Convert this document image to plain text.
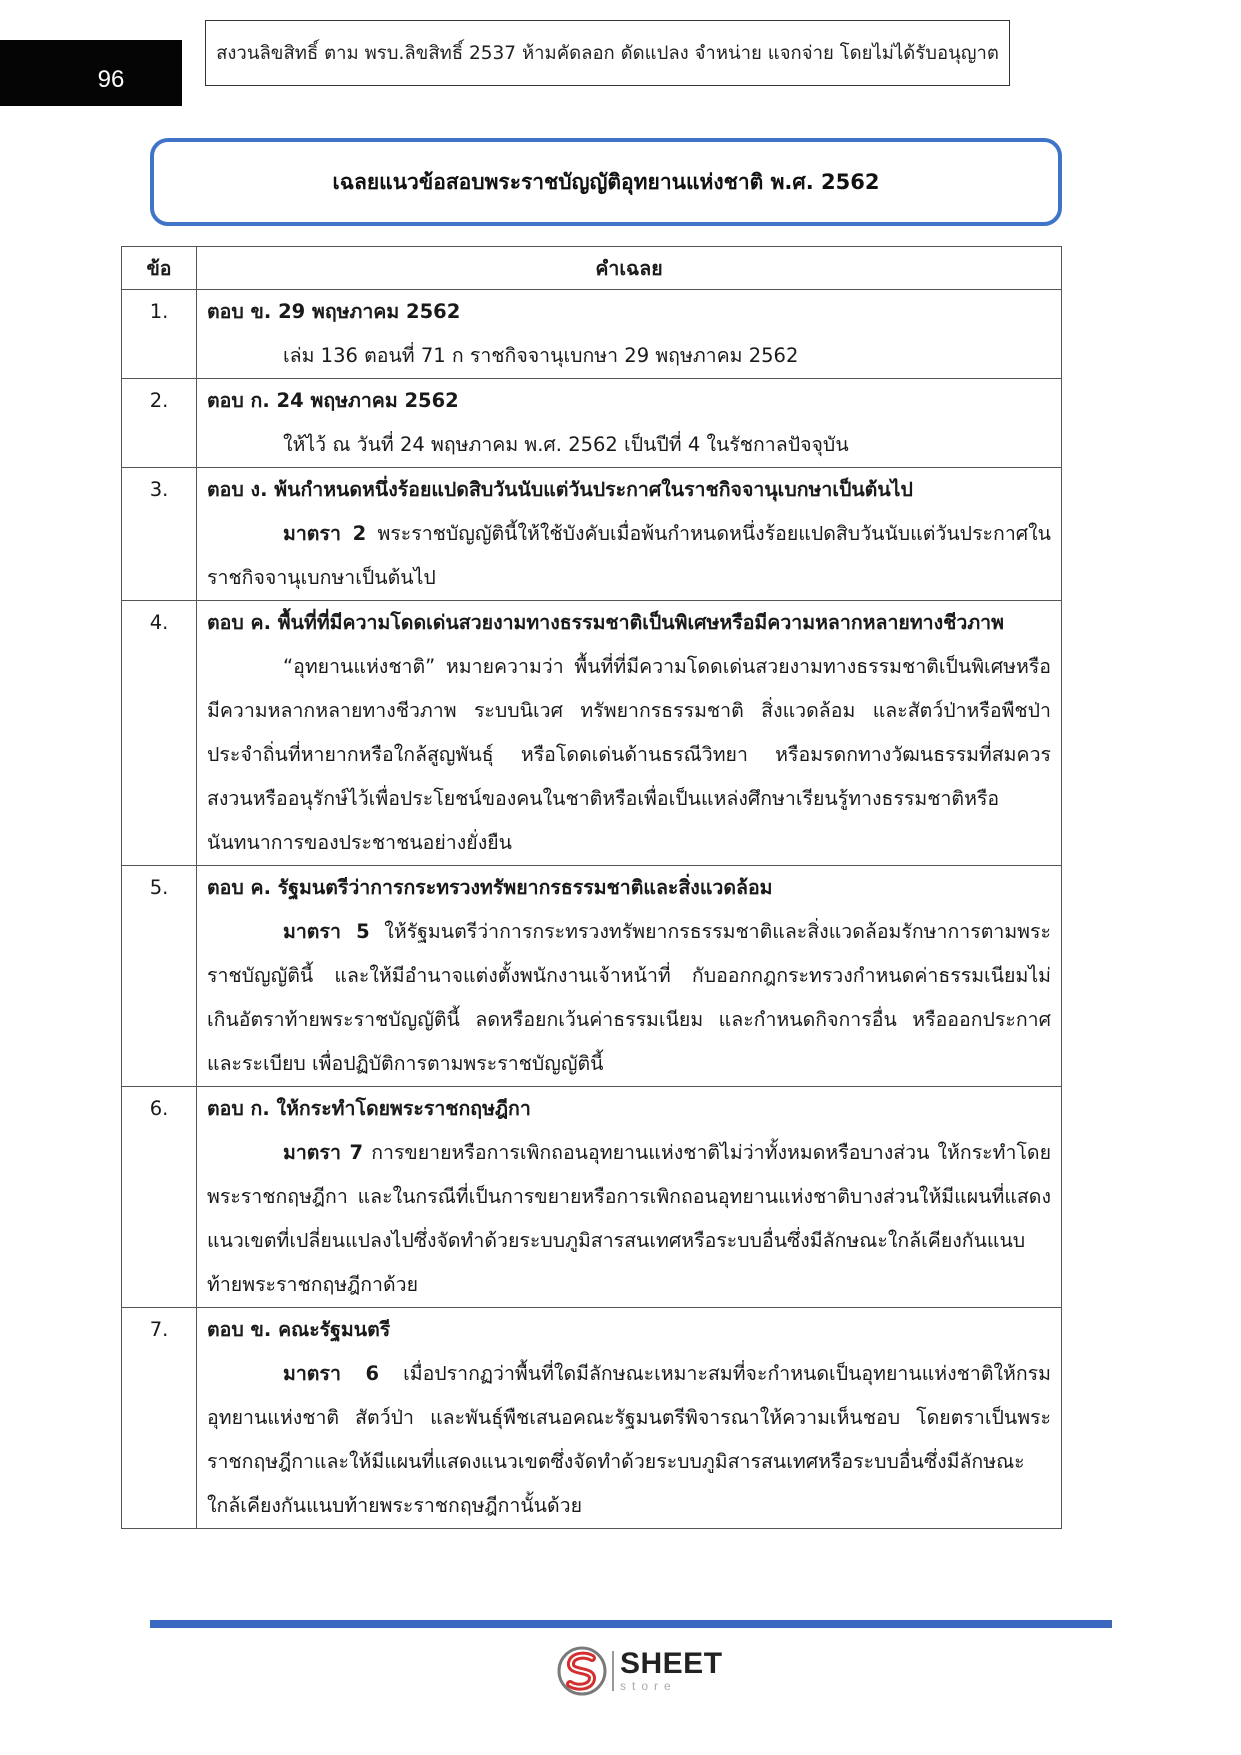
96
สงวนลิขสิทธิ์ ตาม พรบ.ลิขสิทธิ์ 2537 ห้ามคัดลอก ดัดแปลง จำหน่าย แจกจ่าย โดยไม่ได้รับอนุญาต
เฉลยแนวข้อสอบพระราชบัญญัติอุทยานแห่งชาติ พ.ศ. 2562
ข้อ	คำเฉลย
1.	ตอบ ข. 29 พฤษภาคม 2562
เล่ม 136 ตอนที่ 71 ก ราชกิจจานุเบกษา 29 พฤษภาคม 2562

2.	ตอบ ก. 24 พฤษภาคม 2562
ให้ไว้ ณ วันที่ 24 พฤษภาคม พ.ศ. 2562 เป็นปีที่ 4 ในรัชกาลปัจจุบัน

3.	ตอบ ง. พ้นกำหนดหนึ่งร้อยแปดสิบวันนับแต่วันประกาศในราชกิจจานุเบกษาเป็นต้นไป
มาตรา 2 พระราชบัญญัตินี้ให้ใช้บังคับเมื่อพ้นกำหนดหนึ่งร้อยแปดสิบวันนับแต่วันประกาศในราชกิจจานุเบกษาเป็นต้นไป

4.	ตอบ ค. พื้นที่ที่มีความโดดเด่นสวยงามทางธรรมชาติเป็นพิเศษหรือมีความหลากหลายทางชีวภาพ
“อุทยานแห่งชาติ” หมายความว่า พื้นที่ที่มีความโดดเด่นสวยงามทางธรรมชาติเป็นพิเศษหรือมีความหลากหลายทางชีวภาพ ระบบนิเวศ ทรัพยากรธรรมชาติ สิ่งแวดล้อม และสัตว์ป่าหรือพืชป่าประจำถิ่นที่หายากหรือใกล้สูญพันธุ์ หรือโดดเด่นด้านธรณีวิทยา หรือมรดกทางวัฒนธรรมที่สมควรสงวนหรืออนุรักษ์ไว้เพื่อประโยชน์ของคนในชาติหรือเพื่อเป็นแหล่งศึกษาเรียนรู้ทางธรรมชาติหรือนันทนาการของประชาชนอย่างยั่งยืน

5.	ตอบ ค. รัฐมนตรีว่าการกระทรวงทรัพยากรธรรมชาติและสิ่งแวดล้อม
มาตรา 5 ให้รัฐมนตรีว่าการกระทรวงทรัพยากรธรรมชาติและสิ่งแวดล้อมรักษาการตามพระราชบัญญัตินี้ และให้มีอำนาจแต่งตั้งพนักงานเจ้าหน้าที่ กับออกกฎกระทรวงกำหนดค่าธรรมเนียมไม่เกินอัตราท้ายพระราชบัญญัตินี้ ลดหรือยกเว้นค่าธรรมเนียม และกำหนดกิจการอื่น หรือออกประกาศและระเบียบ เพื่อปฏิบัติการตามพระราชบัญญัตินี้

6.	ตอบ ก. ให้กระทำโดยพระราชกฤษฎีกา
มาตรา 7 การขยายหรือการเพิกถอนอุทยานแห่งชาติไม่ว่าทั้งหมดหรือบางส่วน ให้กระทำโดยพระราชกฤษฎีกา และในกรณีที่เป็นการขยายหรือการเพิกถอนอุทยานแห่งชาติบางส่วนให้มีแผนที่แสดงแนวเขตที่เปลี่ยนแปลงไปซึ่งจัดทำด้วยระบบภูมิสารสนเทศหรือระบบอื่นซึ่งมีลักษณะใกล้เคียงกันแนบท้ายพระราชกฤษฎีกาด้วย

7.	ตอบ ข. คณะรัฐมนตรี
มาตรา 6 เมื่อปรากฏว่าพื้นที่ใดมีลักษณะเหมาะสมที่จะกำหนดเป็นอุทยานแห่งชาติให้กรมอุทยานแห่งชาติ สัตว์ป่า และพันธุ์พืชเสนอคณะรัฐมนตรีพิจารณาให้ความเห็นชอบ โดยตราเป็นพระราชกฤษฎีกาและให้มีแผนที่แสดงแนวเขตซึ่งจัดทำด้วยระบบภูมิสารสนเทศหรือระบบอื่นซึ่งมีลักษณะใกล้เคียงกันแนบท้ายพระราชกฤษฎีกานั้นด้วย
SHEET
store
